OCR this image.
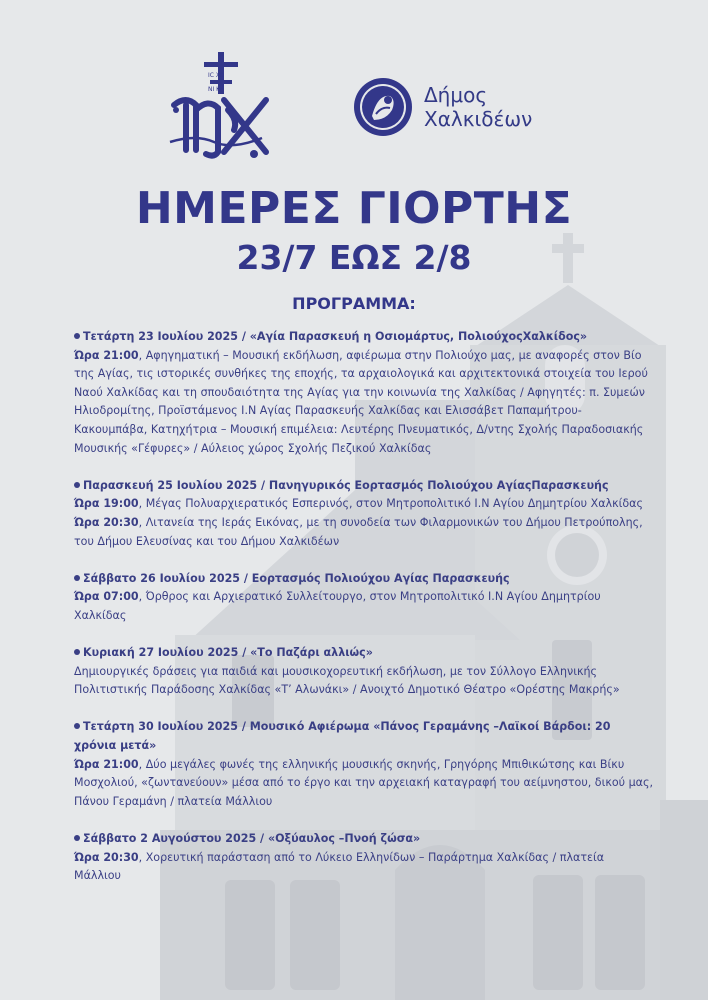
IC XC
NI KA	Δήμος
Χαλκιδέων
ΗΜΕΡΕΣ ΓΙΟΡΤΗΣ
23/7 ΕΩΣ 2/8
ΠΡΟΓΡΑΜΜΑ:

Τετάρτη 23 Ιουλίου 2025 / «Αγία Παρασκευή η Οσιομάρτυς, ΠολιούχοςΧαλκίδος»

Ώρα 21:00, Αφηγηματική – Μουσική εκδήλωση, αφιέρωμα στην Πολιούχο μας, με αναφορές στον Βίο της Αγίας, τις ιστορικές συνθήκες της εποχής, τα αρχαιολογικά και αρχιτεκτονικά στοιχεία του Ιερού Ναού Χαλκίδας και τη σπουδαιότητα της Αγίας για την κοινωνία της Χαλκίδας / Αφηγητές: π. Συμεών Ηλιοδρομίτης, Προϊστάμενος Ι.Ν Αγίας Παρασκευής Χαλκίδας και Ελισσάβετ Παπαμήτρου-Κακουμπάβα, Κατηχήτρια – Μουσική επιμέλεια: Λευτέρης Πνευματικός, Δ/ντης Σχολής Παραδοσιακής Μουσικής «Γέφυρες» / Αύλειος χώρος Σχολής Πεζικού Χαλκίδας

Παρασκευή 25 Ιουλίου 2025 / Πανηγυρικός Εορτασμός Πολιούχου ΑγίαςΠαρασκευής

Ώρα 19:00, Μέγας Πολυαρχιερατικός Εσπερινός, στον Μητροπολιτικό Ι.Ν Αγίου Δημητρίου Χαλκίδας

Ώρα 20:30, Λιτανεία της Ιεράς Εικόνας, με τη συνοδεία των Φιλαρμονικών του Δήμου Πετρούπολης, του Δήμου Ελευσίνας και του Δήμου Χαλκιδέων

Σάββατο 26 Ιουλίου 2025 / Εορτασμός Πολιούχου Αγίας Παρασκευής

Ώρα 07:00, Όρθρος και Αρχιερατικό Συλλείτουργο, στον Μητροπολιτικό Ι.Ν Αγίου Δημητρίου Χαλκίδας

Κυριακή 27 Ιουλίου 2025 / «Το Παζάρι αλλιώς»

Δημιουργικές δράσεις για παιδιά και μουσικοχορευτική εκδήλωση, με τον Σύλλογο Ελληνικής Πολιτιστικής Παράδοσης Χαλκίδας «Τ’ Αλωνάκι» / Ανοιχτό Δημοτικό Θέατρο «Ορέστης Μακρής»

Τετάρτη 30 Ιουλίου 2025 / Μουσικό Αφιέρωμα «Πάνος Γεραμάνης –Λαϊκοί Βάρδοι: 20 χρόνια μετά»

Ώρα 21:00, Δύο μεγάλες φωνές της ελληνικής μουσικής σκηνής, Γρηγόρης Μπιθικώτσης και Βίκυ Μοσχολιού, «ζωντανεύουν» μέσα από το έργο και την αρχειακή καταγραφή του αείμνηστου, δικού μας, Πάνου Γεραμάνη / πλατεία Μάλλιου

Σάββατο 2 Αυγούστου 2025 / «Οξύαυλος –Πνοή ζώσα»

Ώρα 20:30, Χορευτική παράσταση από το Λύκειο Ελληνίδων – Παράρτημα Χαλκίδας / πλατεία Μάλλιου
